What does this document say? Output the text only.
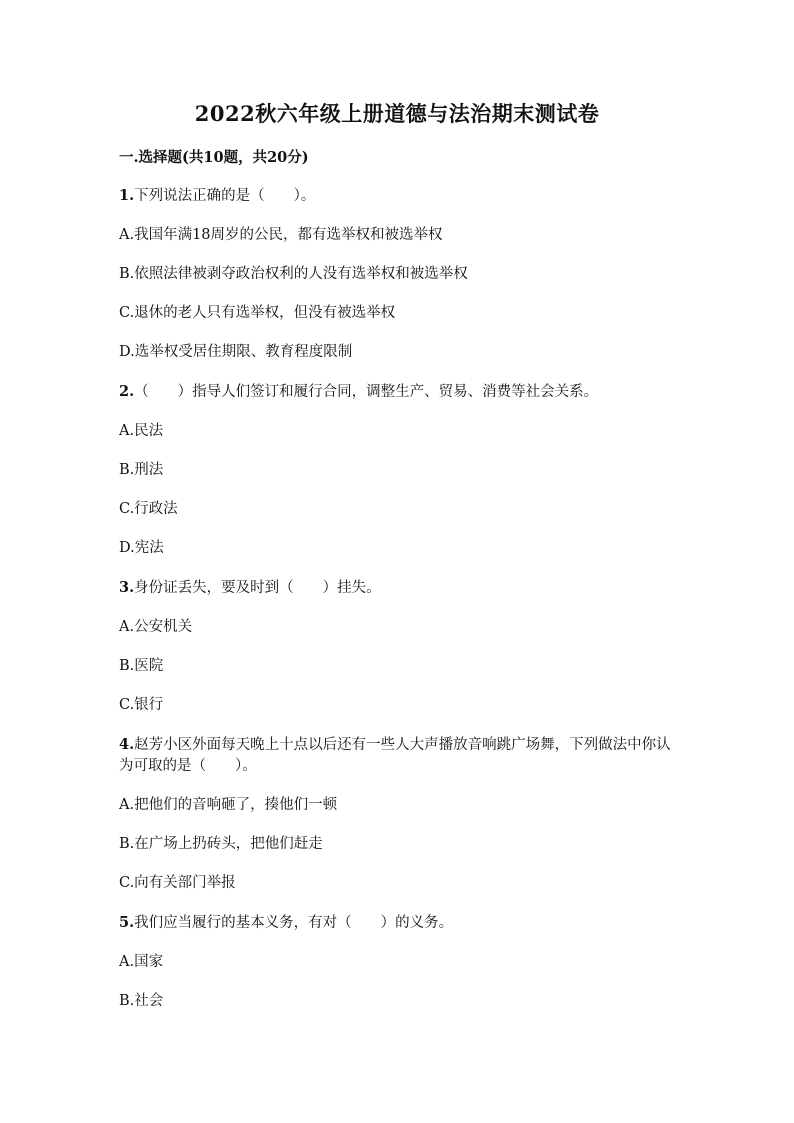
2022秋六年级上册道德与法治期末测试卷
一.选择题(共10题，共20分)
1.下列说法正确的是（　　）。
A.我国年满18周岁的公民，都有选举权和被选举权
B.依照法律被剥夺政治权利的人没有选举权和被选举权
C.退休的老人只有选举权，但没有被选举权
D.选举权受居住期限、教育程度限制
2.（　　）指导人们签订和履行合同，调整生产、贸易、消费等社会关系。
A.民法
B.刑法
C.行政法
D.宪法
3.身份证丢失，要及时到（　　）挂失。
A.公安机关
B.医院
C.银行
4.赵芳小区外面每天晚上十点以后还有一些人大声播放音响跳广场舞，下列做法中你认为可取的是（　　）。
A.把他们的音响砸了，揍他们一顿
B.在广场上扔砖头，把他们赶走
C.向有关部门举报
5.我们应当履行的基本义务，有对（　　）的义务。
A.国家
B.社会
